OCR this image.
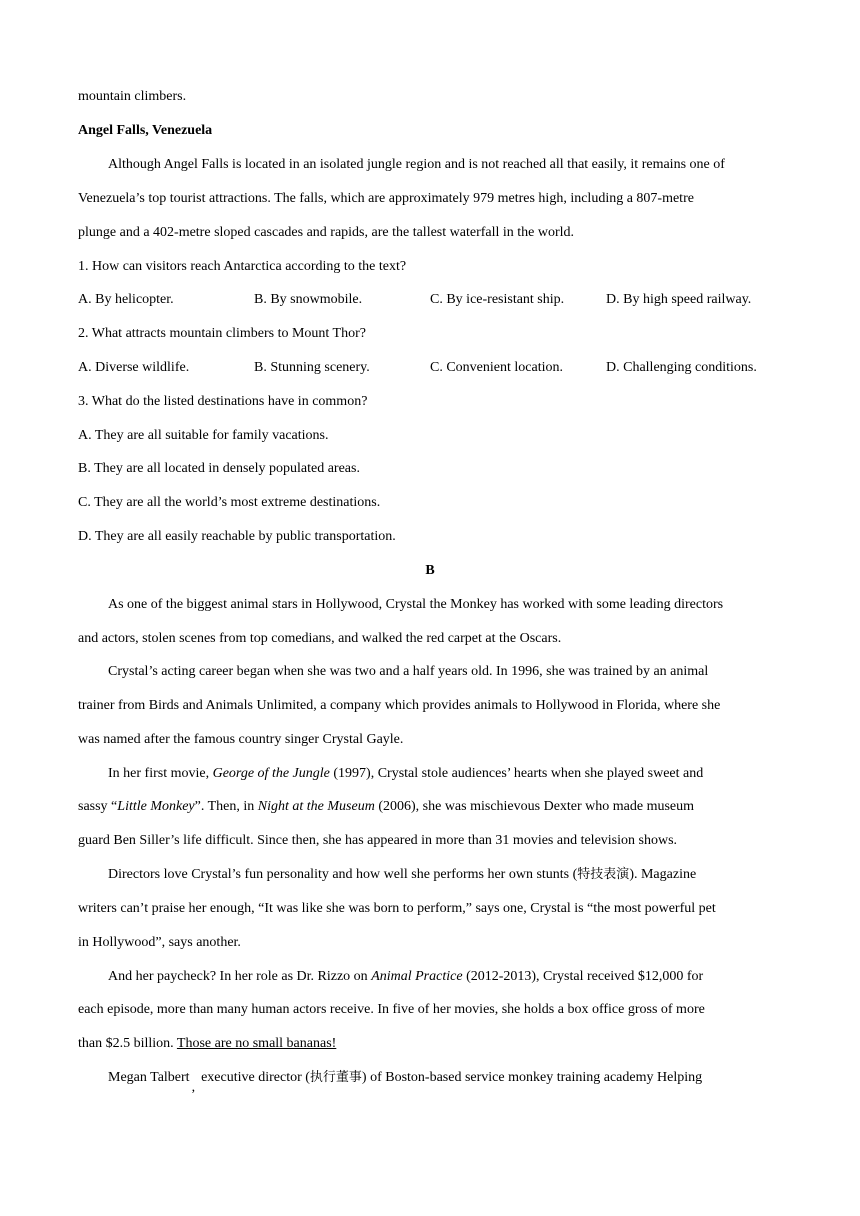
mountain climbers.
Angel Falls, Venezuela
Although Angel Falls is located in an isolated jungle region and is not reached all that easily, it remains one of
Venezuela’s top tourist attractions. The falls, which are approximately 979 metres high, including a 807-metre
plunge and a 402-metre sloped cascades and rapids, are the tallest waterfall in the world.
1. How can visitors reach Antarctica according to the text?
A. By helicopter.	B. By snowmobile.	C. By ice-resistant ship.	D. By high speed railway.
2. What attracts mountain climbers to Mount Thor?
A. Diverse wildlife.	B. Stunning scenery.	C. Convenient location.	D. Challenging conditions.
3. What do the listed destinations have in common?
A. They are all suitable for family vacations.
B. They are all located in densely populated areas.
C. They are all the world’s most extreme destinations.
D. They are all easily reachable by public transportation.
B
As one of the biggest animal stars in Hollywood, Crystal the Monkey has worked with some leading directors
and actors, stolen scenes from top comedians, and walked the red carpet at the Oscars.
Crystal’s acting career began when she was two and a half years old. In 1996, she was trained by an animal
trainer from Birds and Animals Unlimited, a company which provides animals to Hollywood in Florida, where she
was named after the famous country singer Crystal Gayle.
In her first movie, George of the Jungle (1997), Crystal stole audiences’ hearts when she played sweet and
sassy “Little Monkey”. Then, in Night at the Museum (2006), she was mischievous Dexter who made museum
guard Ben Siller’s life difficult. Since then, she has appeared in more than 31 movies and television shows.
Directors love Crystal’s fun personality and how well she performs her own stunts (特技表演). Magazine
writers can’t praise her enough, “It was like she was born to perform,” says one, Crystal is “the most powerful pet
in Hollywood”, says another.
And her paycheck? In her role as Dr. Rizzo on Animal Practice (2012-2013), Crystal received $12,000 for
each episode, more than many human actors receive. In five of her movies, she holds a box office gross of more
than $2.5 billion. Those are no small bananas!
Megan Talbert,executive director (执行董事) of Boston-based service monkey training academy Helping
